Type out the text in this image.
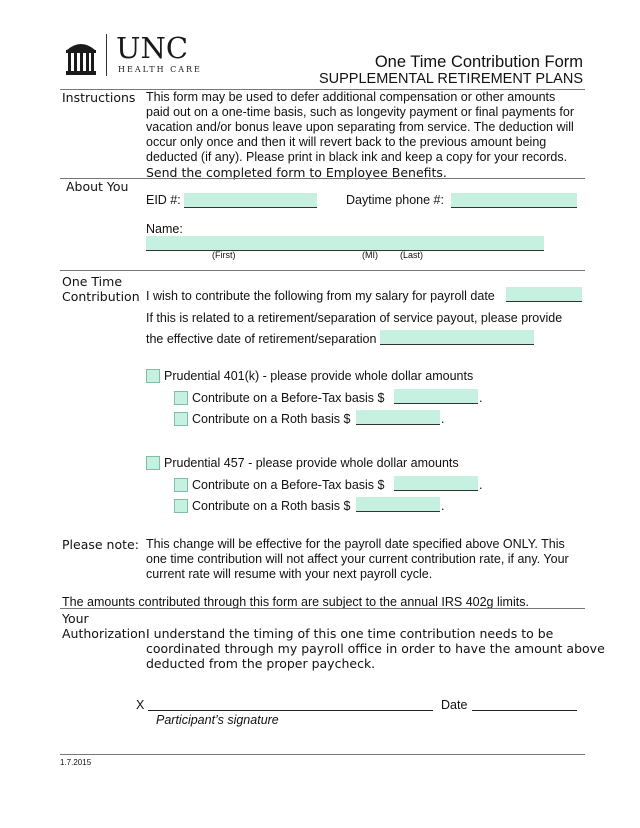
UNC
HEALTH CARE	One Time Contribution Form
SUPPLEMENTAL RETIREMENT PLANS
Instructions This form may be used to defer additional compensation or other amounts
paid out on a one-time basis, such as longevity payment or final payments for
vacation and/or bonus leave upon separating from service. The deduction will
occur only once and then it will revert back to the previous amount being
deducted (if any). Please print in black ink and keep a copy for your records.
Send the completed form to Employee Benefits.
About You
EID #:	Daytime phone #:
Name:
(First)	(MI) (Last)
One Time
Contribution I wish to contribute the following from my salary for payroll date
If this is related to a retirement/separation of service payout, please provide
the effective date of retirement/separation
Prudential 401(k) - please provide whole dollar amounts
Contribute on a Before-Tax basis $	.
Contribute on a Roth basis $	.
Prudential 457 - please provide whole dollar amounts
Contribute on a Before-Tax basis $	.
Contribute on a Roth basis $	.
Please note: This change will be effective for the payroll date specified above ONLY. This
one time contribution will not affect your current contribution rate, if any. Your
current rate will resume with your next payroll cycle.
The amounts contributed through this form are subject to the annual IRS 402g limits.
Your
Authorization I understand the timing of this one time contribution needs to be
coordinated through my payroll office in order to have the amount above
deducted from the proper paycheck.
X	Date
Participant’s signature
1.7.2015
